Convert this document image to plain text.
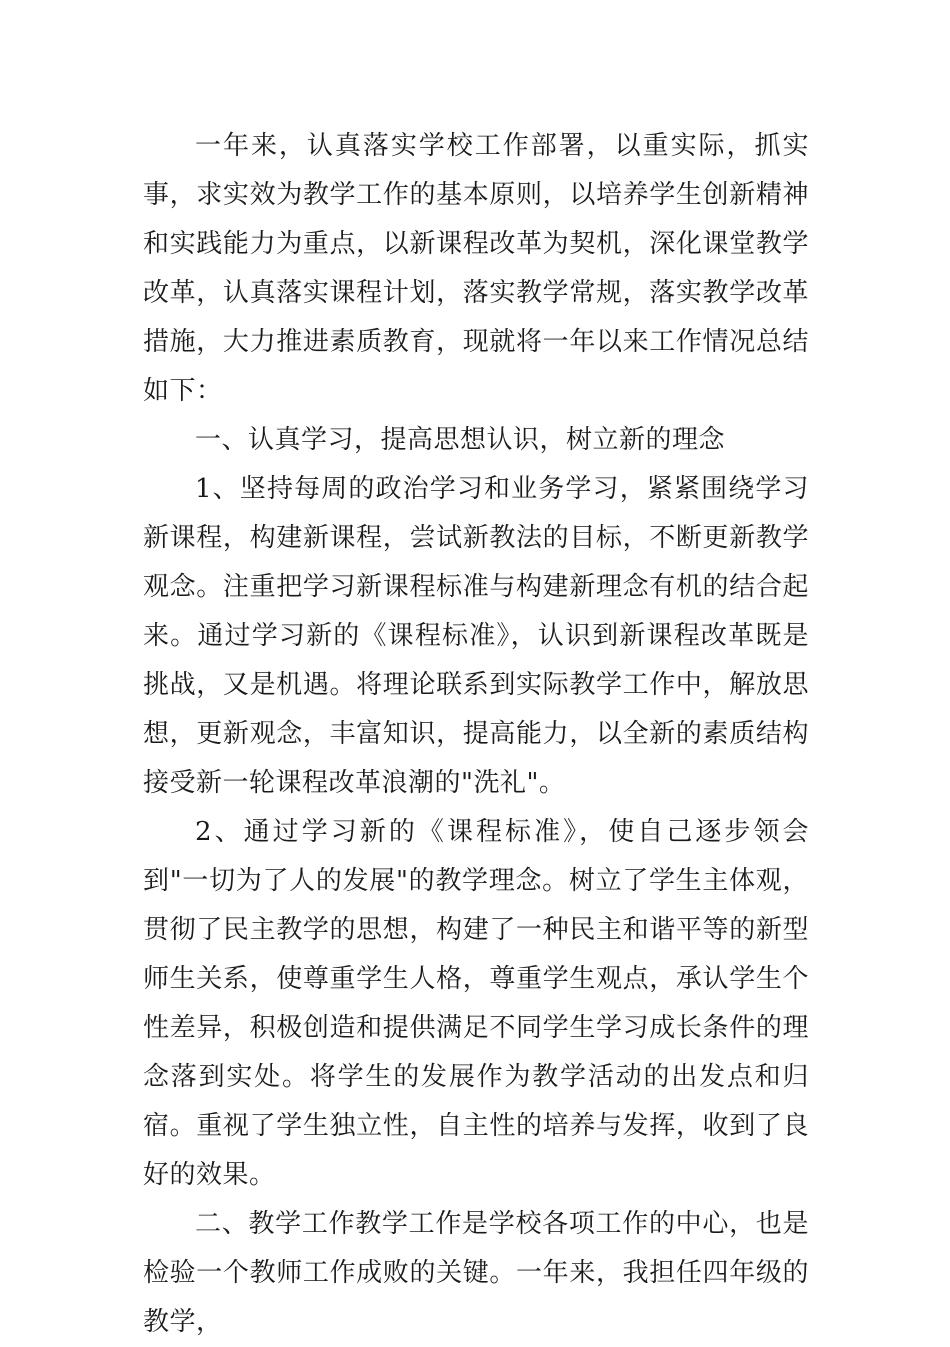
一年来，认真落实学校工作部署，以重实际，抓实事，求实效为教学工作的基本原则，以培养学生创新精神和实践能力为重点，以新课程改革为契机，深化课堂教学改革，认真落实课程计划，落实教学常规，落实教学改革措施，大力推进素质教育，现就将一年以来工作情况总结如下：

一、认真学习，提高思想认识，树立新的理念

1、坚持每周的政治学习和业务学习，紧紧围绕学习新课程，构建新课程，尝试新教法的目标，不断更新教学观念。注重把学习新课程标准与构建新理念有机的结合起来。通过学习新的《课程标准》，认识到新课程改革既是挑战，又是机遇。将理论联系到实际教学工作中，解放思想，更新观念，丰富知识，提高能力，以全新的素质结构接受新一轮课程改革浪潮的"洗礼"。

2、通过学习新的《课程标准》，使自己逐步领会到"一切为了人的发展"的教学理念。树立了学生主体观，贯彻了民主教学的思想，构建了一种民主和谐平等的新型师生关系，使尊重学生人格，尊重学生观点，承认学生个性差异，积极创造和提供满足不同学生学习成长条件的理念落到实处。将学生的发展作为教学活动的出发点和归宿。重视了学生独立性，自主性的培养与发挥，收到了良好的效果。

二、教学工作教学工作是学校各项工作的中心，也是检验一个教师工作成败的关键。一年来，我担任四年级的教学，
